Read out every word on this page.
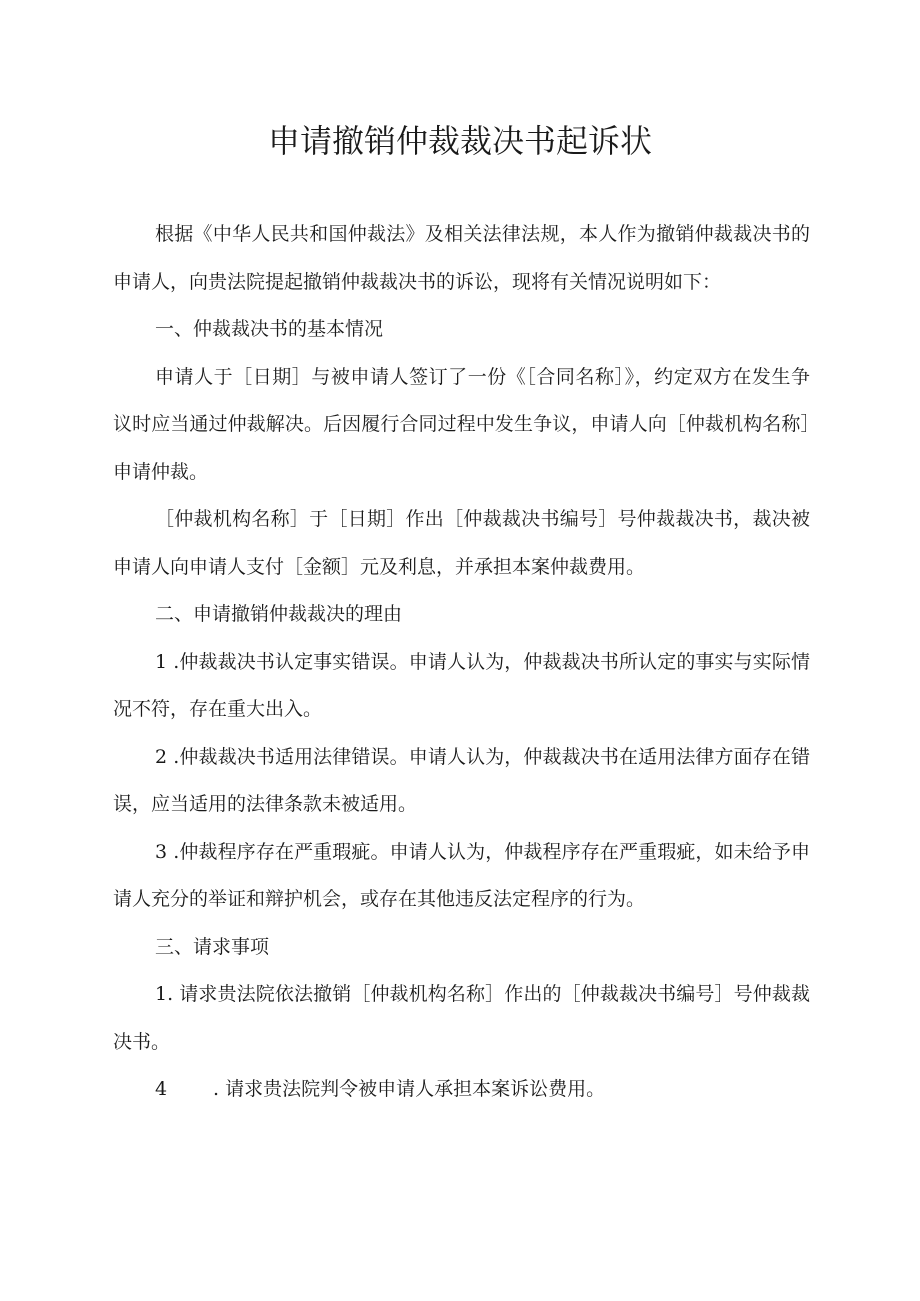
申请撤销仲裁裁决书起诉状

根据《中华人民共和国仲裁法》及相关法律法规，本人作为撤销仲裁裁决书的申请人，向贵法院提起撤销仲裁裁决书的诉讼，现将有关情况说明如下：

一、仲裁裁决书的基本情况

申请人于［日期］与被申请人签订了一份《［合同名称］》，约定双方在发生争议时应当通过仲裁解决。后因履行合同过程中发生争议，申请人向［仲裁机构名称］申请仲裁。

［仲裁机构名称］于［日期］作出［仲裁裁决书编号］号仲裁裁决书，裁决被申请人向申请人支付［金额］元及利息，并承担本案仲裁费用。

二、申请撤销仲裁裁决的理由

1 .仲裁裁决书认定事实错误。申请人认为，仲裁裁决书所认定的事实与实际情况不符，存在重大出入。

2 .仲裁裁决书适用法律错误。申请人认为，仲裁裁决书在适用法律方面存在错误，应当适用的法律条款未被适用。

3 .仲裁程序存在严重瑕疵。申请人认为，仲裁程序存在严重瑕疵，如未给予申请人充分的举证和辩护机会，或存在其他违反法定程序的行为。

三、请求事项

1. 请求贵法院依法撤销［仲裁机构名称］作出的［仲裁裁决书编号］号仲裁裁决书。

4 . 请求贵法院判令被申请人承担本案诉讼费用。
